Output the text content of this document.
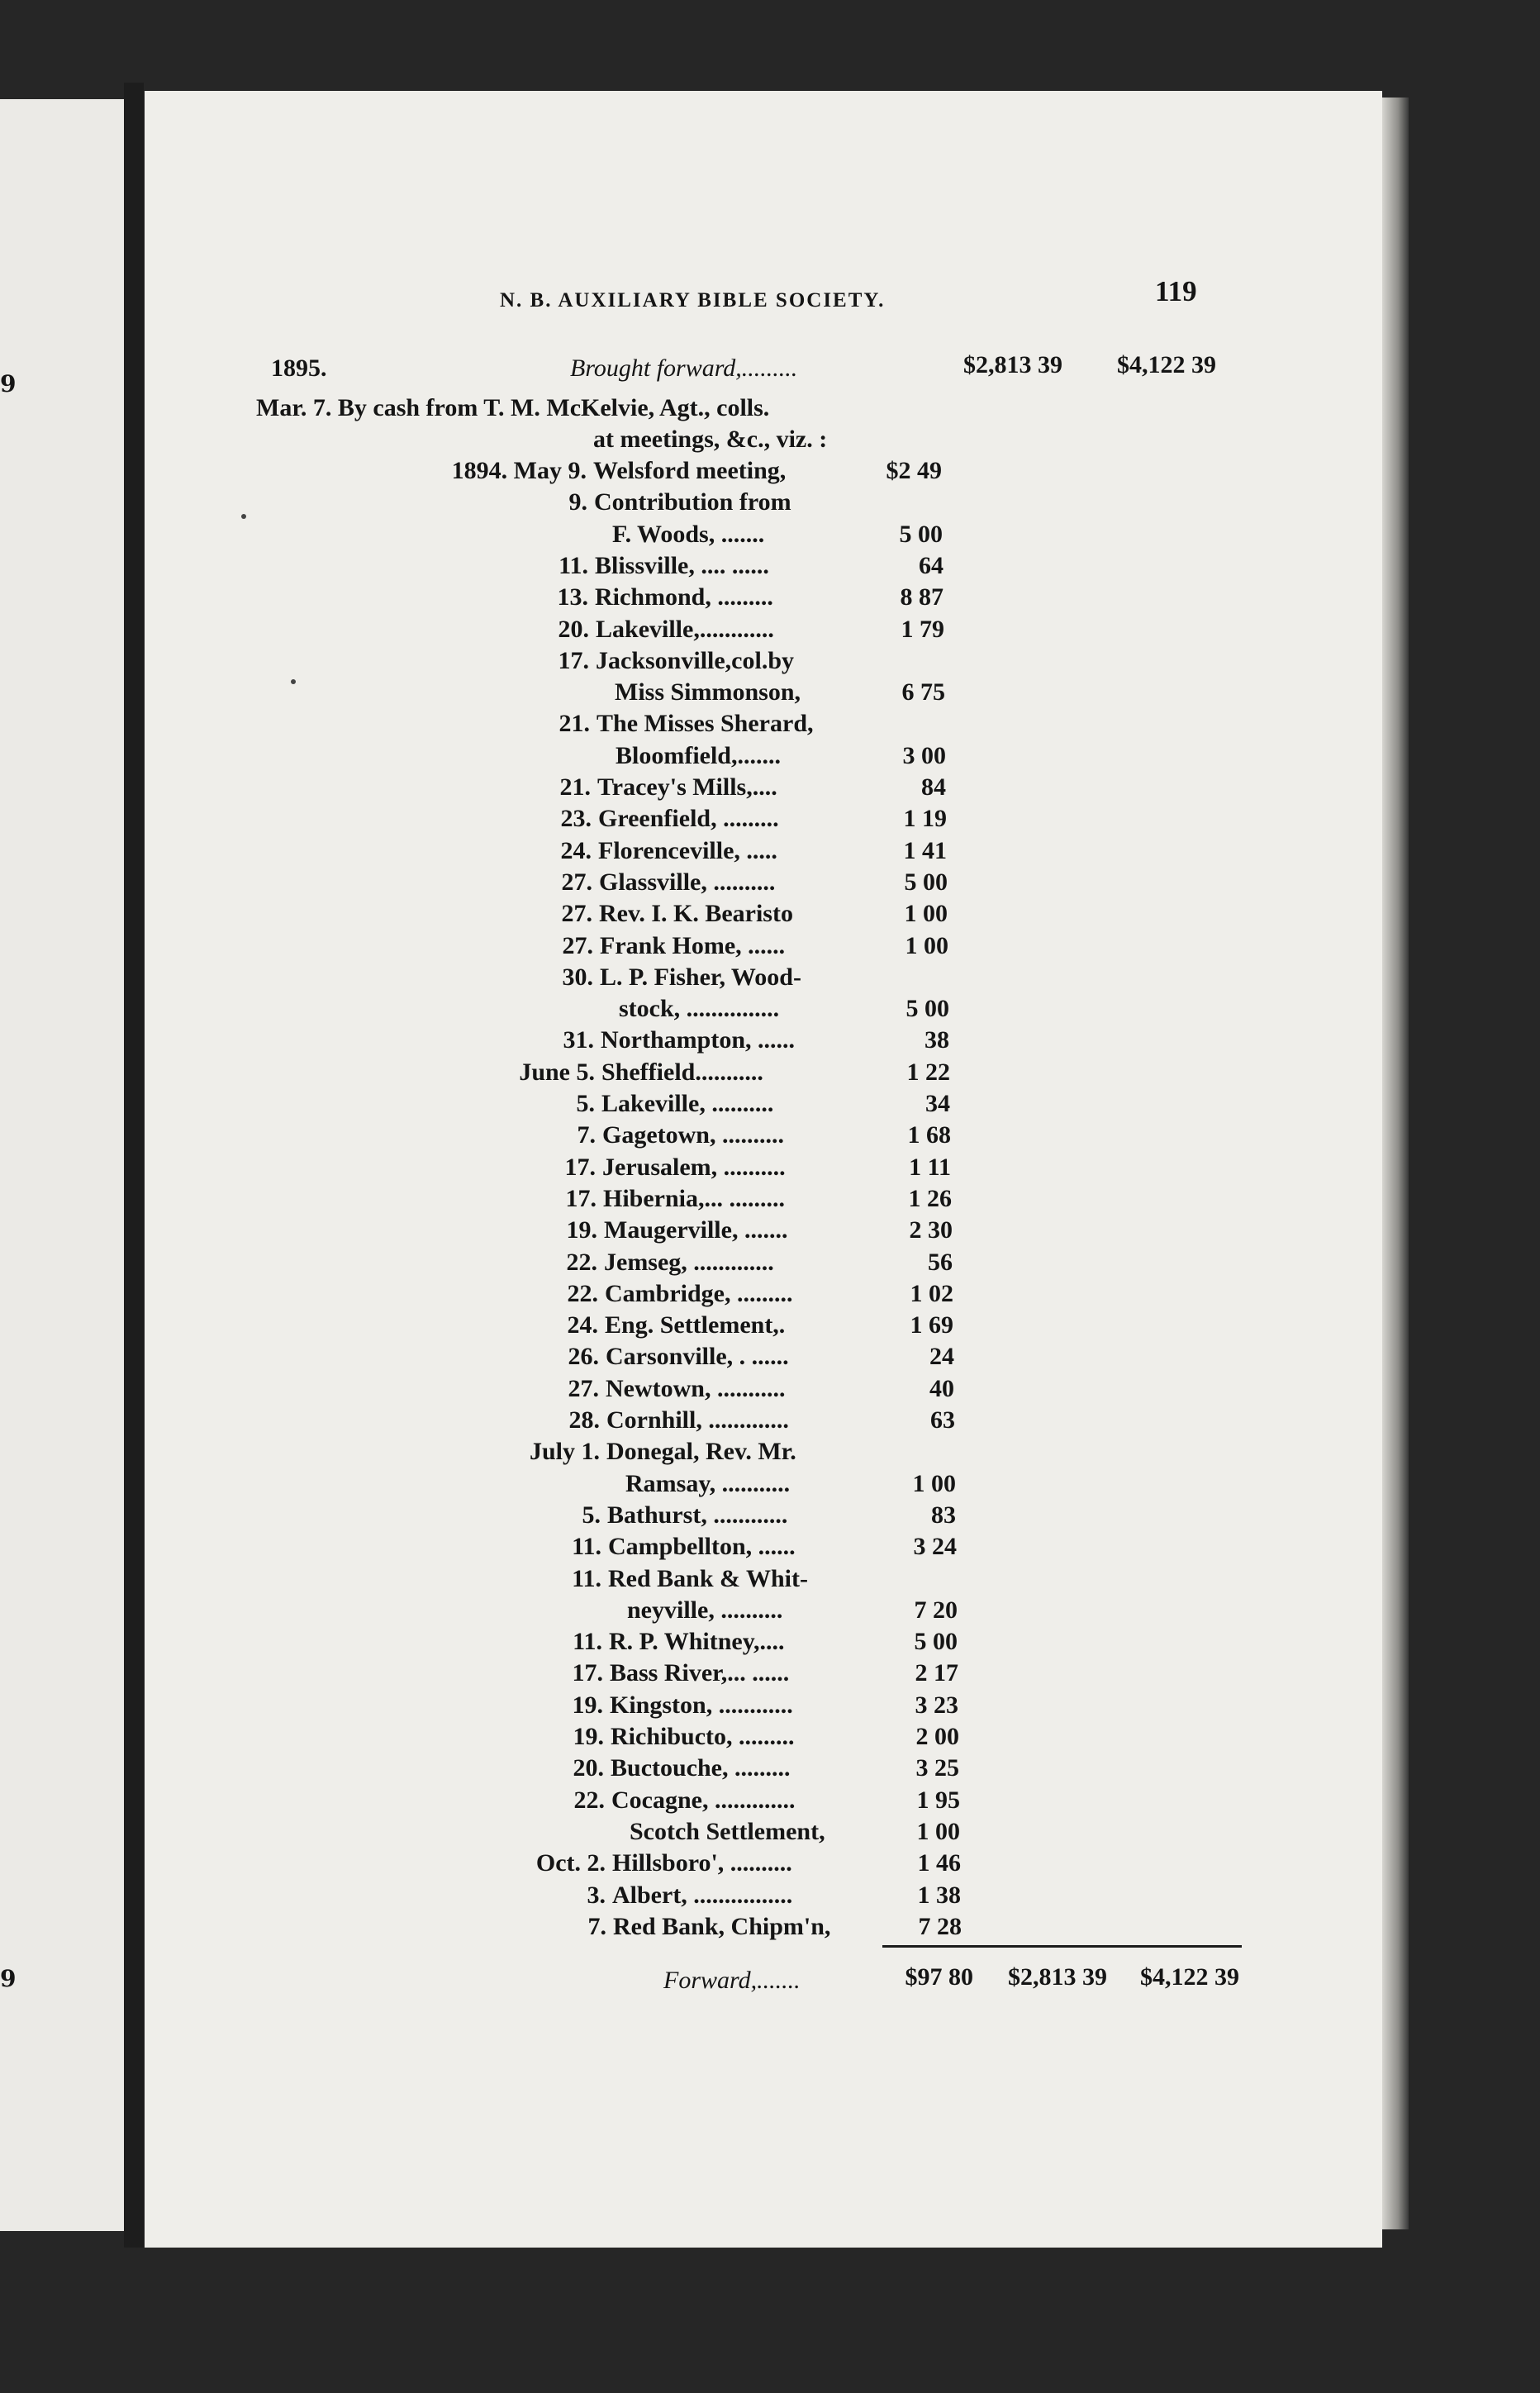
9
9
N. B. AUXILIARY BIBLE SOCIETY.	119
1895.	Brought forward,.........	$2,813 39	$4,122 39
Mar. 7. By cash from T. M. McKelvie, Agt., colls.
at meetings, &c., viz. :
1894. May 9. Welsford meeting,	$2 49
9. Contribution from
F. Woods, .......	5 00
11. Blissville, .... ......	64
13. Richmond, .........	8 87
20. Lakeville,............	1 79
17. Jacksonville,col.by
Miss Simmonson,	6 75
21. The Misses Sherard,
Bloomfield,.......	3 00
21. Tracey's Mills,....	84
23. Greenfield, .........	1 19
24. Florenceville, .....	1 41
27. Glassville, ..........	5 00
27. Rev. I. K. Bearisto	1 00
27. Frank Home, ......	1 00
30. L. P. Fisher, Wood-
stock, ...............	5 00
31. Northampton, ......	38
June 5. Sheffield...........	1 22
5. Lakeville, ..........	34
7. Gagetown, ..........	1 68
17. Jerusalem, ..........	1 11
17. Hibernia,... .........	1 26
19. Maugerville, .......	2 30
22. Jemseg, .............	56
22. Cambridge, .........	1 02
24. Eng. Settlement,.	1 69
26. Carsonville, . ......	24
27. Newtown, ...........	40
28. Cornhill, .............	63
July 1. Donegal, Rev. Mr.
Ramsay, ...........	1 00
5. Bathurst, ............	83
11. Campbellton, ......	3 24
11. Red Bank & Whit-
neyville, ..........	7 20
11. R. P. Whitney,....	5 00
17. Bass River,... ......	2 17
19. Kingston, ............	3 23
19. Richibucto, .........	2 00
20. Buctouche, .........	3 25
22. Cocagne, .............	1 95
Scotch Settlement,	1 00
Oct. 2. Hillsboro', ..........	1 46
3. Albert, ................	1 38
7. Red Bank, Chipm'n,	7 28
Forward,.......	$97 80	$2,813 39	$4,122 39
